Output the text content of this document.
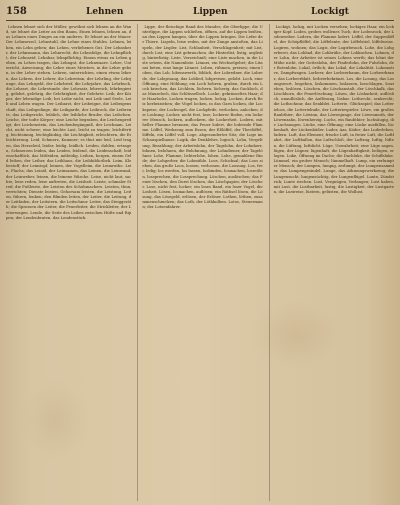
158	Lehnen	Lippen	Lockigt

Lehnen lehnet sich der Müller, gewöhnt sich lehnen an die Wand, sie lehnet die Leiter an den Baum. Einen lehnen, lehnen an, das Lehnen eines Dinges an ein anderes. Er lehnet an der Mauer. Der Lehnsessel, Lehnstuhl, die Lehne eines Stuhles. Lehnen, leihen, ein Lehn geben; das Lehen, verliehenes Gut. Der Lehnsherr, der Lehnsmann, das Lehnrecht, die Lehnsfolge, die Lehnpflicht, der Lehnseid. Lehnbar, lehnpflichtig. Einem etwas zu Lehen geben, zu Lehen tragen, das Lehngut, die Lehnwaare. Lehre, Unterricht, Anweisung; die Lehre eines Meisters, in die Lehre geben, in der Lehre stehen. Lehren, unterrichten, einen etwas lehren, das Lehren, der Lehrer, die Lehrerinn, der Lehrling, der Lehrjunge, das Lehrgeld, der Lehrbrief, die Lehrjahre, das Lehrbuch, die Lehrart, die Lehrstunde, der Lehrsatz, lehrreich, lehrbegierig, gelehrt, gelehrig, die Gelehrigkeit, der Gelehrte. Leib, der Körper, der lebendige Leib; bei Leibe nicht, mit Leib und Seele, Leib und Leben wagen. Der Leibarzt, der Leibeigne, die Leibeigenschaft, das Leibgedinge, die Leibgarde, der Leibrock, die Leibrente, das Leibgericht, leiblich, der leibliche Bruder, das Leibchen. Leiche, der todte Körper; eine Leiche begraben, die Leichenpredigt, der Leichenstein, das Leichenbegängniß, der Leichnam. Leicht, nicht schwer; eine leichte Last, leicht zu tragen, leichtfertig, leichtsinnig, leichtgläubig, die Leichtigkeit, erleichtern, die Erleichterung. Leid, Schmerz, Kummer; es thut mir leid, Leid tragen, das Herzeleid, leider, leidig, leidlich. Leiden, dulden, ertragen, Schmerzen leiden, das Leiden, leidend, die Leidenschaft, leidenschaftlich, das Mitleiden, mitleidig. Leihen, borgen, einem Geld leihen, der Leiher, das Leihhaus, die Leihbibliothek. Leim, Klebestoff; der Leimtopf, leimen, der Vogelleim, die Leimruthe. Lein, Flachs; das Leinöl, der Leinsamen, das Leinen, die Leinwand, der Leinweber, leinen, die leinene Wäsche. Leise, nicht laut, sachte; leise reden, leise auftreten, die Leisheit. Leiste, schmaler Streif, die Fußleiste, der Leisten des Schuhmachers. Leisten, thun, verrichten; Dienste leisten, Gehorsam leisten, die Leistung. Leiten, führen, lenken; den Blinden leiten, der Leiter, die Leitung, der Leitfaden, der Leitstern, die Leitschnur. Leiter, das Steiggeräth; die Sprossen der Leiter, die Feuerleiter, die Strickleiter, der Leiterwagen. Lende, die Seite des Leibes zwischen Hüfte und Rippen; der Lendenbraten, das Lendenstück.

Lippe, der fleischige Rand des Mundes; die Oberlippe, die Unterlippe, die Lippen schließen, öffnen, auf die Lippen beißen, an den Lippen hangen, über die Lippen bringen. Die Lefze der Thiere. Lispeln, leise reden, mit der Zunge anstoßen, das Lispeln, der Lispler. List, Schlauheit, Verschlagenheit; mit List, durch List, eine List gebrauchen, die Hinterlist, listig, arglistig, hinterlistig. Liste, Verzeichniß; eine Liste machen, in die Liste setzen, die Namenliste. Litanei, ein Wechselgebet; die Litanei beten, eine lange Litanei. Loben, rühmen, preisen; einen loben, das Lob, lobenswerth, löblich, der Lobredner, die Lobrede, der Lobgesang, das Loblied, lobpreisen, gelobt. Loch, eine Öffnung, eine Höhlung; ein Loch bohren, graben, durch ein Loch kriechen, das Löchlein, löchern, löcherig, das Guckloch, das Mauseloch, das Schlüsselloch. Locke, gekräuseltes Haar; die Haarlocke, Locken tragen, locken, lockig. Locken, durch Reiz herbeiziehen; die Vögel locken, in das Garn locken, die Lockspeise, der Lockvogel, die Lockpfeife, verlocken, anlocken, die Lockung. Locker, nicht fest, lose; lockerer Boden, ein lockerer Mensch, lockern, auflockern, die Lockerheit. Lodern, mit heller Flamme brennen; das Feuer lodert, die lodernde Flamme. Löffel, Werkzeug zum Essen; der Eßlöffel, der Theelöffel, löffeln, ein Löffel voll. Loge, abgesonderter Sitz; die Loge im Schauspielhause. Logik, die Denklehre, logisch. Lohn, Vergeltung, Bezahlung; der Arbeitslohn, der Tagelohn, der Lohnherr, lohnen, belohnen, die Belohnung, der Lohndiener, der Tagelöhner. Lohe, Flamme; lichterlohe, lohen. Lohe, gemahlene Rinde; der Lohgerber, die Lohmühle. Loos, Schicksal; das Loos ziehen, das große Loos, loosen, verloosen, die Loosung. Los, frei, ledig; los werden, los lassen, losbinden, losmachen, losreißen, lossprechen, die Lossprechung. Löschen, auslöschen; das Feuer löschen, den Durst löschen, das Löschpapier, der Löscher. Lose, nicht fest, locker; ein loses Band, ein loser Vogel, die Losheit. Lösen, losmachen, auflösen; ein Räthsel lösen, die Lösung, das Lösegeld, erlösen, der Erlöser. Lothen, löthen, zusammenschmelzen; das Loth, der Löthkolben. Lotse, Steuermann; der Lotsenfahrer.

Lockigt, lockig, mit Locken versehen; lockiges Haar, ein lockiger Kopf. Loden, grobes wollenes Tuch; der Lodenrock, der Lodenweber. Lodern, die Flamme lodert. Löffel, der Suppenlöffel, der Schöpflöffel, die Löffelente, der Löffelstiel, löffelweise. Logiren, wohnen; das Logis, der Logirbesuch. Lohe, die Lohgerberei, das Lohbad, die Lohbrühe, der Lohkuchen. Lohnen, der Lohn, der Arbeiter ist seines Lohnes werth; das lohnt der Mühe nicht, der Gotteslohn, der Finderlohn, der Fuhrlohn, der Botenlohn. Lokal, örtlich; das Lokal, die Lokalität. Lokomotive, Dampfwagen. Lorbeer, der Lorbeerbaum, der Lorbeerkranz, das Lorbeerblatt, lorbeerbekränzt. Los, die Losung, das Losungswort, losgehen, loskommen, loslassen, losschlagen, losziehen, loslösen. Löschen, die Löschanstalt, der Löschkalk, das Löschhorn, die Feuerlöschung. Lösen, die Lösbarkeit, auflöslich, unauflöslich, die Auflösung, lösbar. Lothrecht, senkrecht; die Lothschnur, das Senkblei. Lotterie, Glücksspiel; das Lotterieloos, die Lotteriebude, der Lotteriespieler. Löwe, ein großes Raubthier; die Löwinn, das Löwenjunge, der Löwenmuth, der Löwenzahn, löwenherzig. Luchs, ein Raubthier; luchsäugig, die Luchsaugen. Lücke, eine Öffnung; eine Lücke ausfüllen, lückenhaft, der Lückenbüßer. Luder, Aas, Köder; das Luderleben, ludern. Luft, das Element; frische Luft, in freier Luft, die Luftfahrt, der Luftballon, das Luftschloß, der Luftzug, luftig, lüften, die Lüftung, luftdicht. Lüge, Unwahrheit; eine Lüge sagen, lügen, der Lügner, lügenhaft, die Lügenhaftigkeit, belügen, erlogen. Luke, Öffnung im Dache; die Dachluke, die Schiffsluke. Lümmel, ein grober Mensch; lümmelhaft. Lump, ein zerlumpter Mensch; der Lumpen, lumpig, zerlumpt, der Lumpensammler, das Lumpengesindel. Lunge, das Athmungswerkzeug; die Lungensucht, lungensüchtig, der Lungenflügel. Lunte, Zündstrick; Lunte riechen. Lust, Vergnügen, Verlangen; Lust haben, mit Lust, die Lustbarkeit, lustig, die Lustigkeit, der Lustgarten, die Lustreise, lüstern, gelüsten, die Wollust.
